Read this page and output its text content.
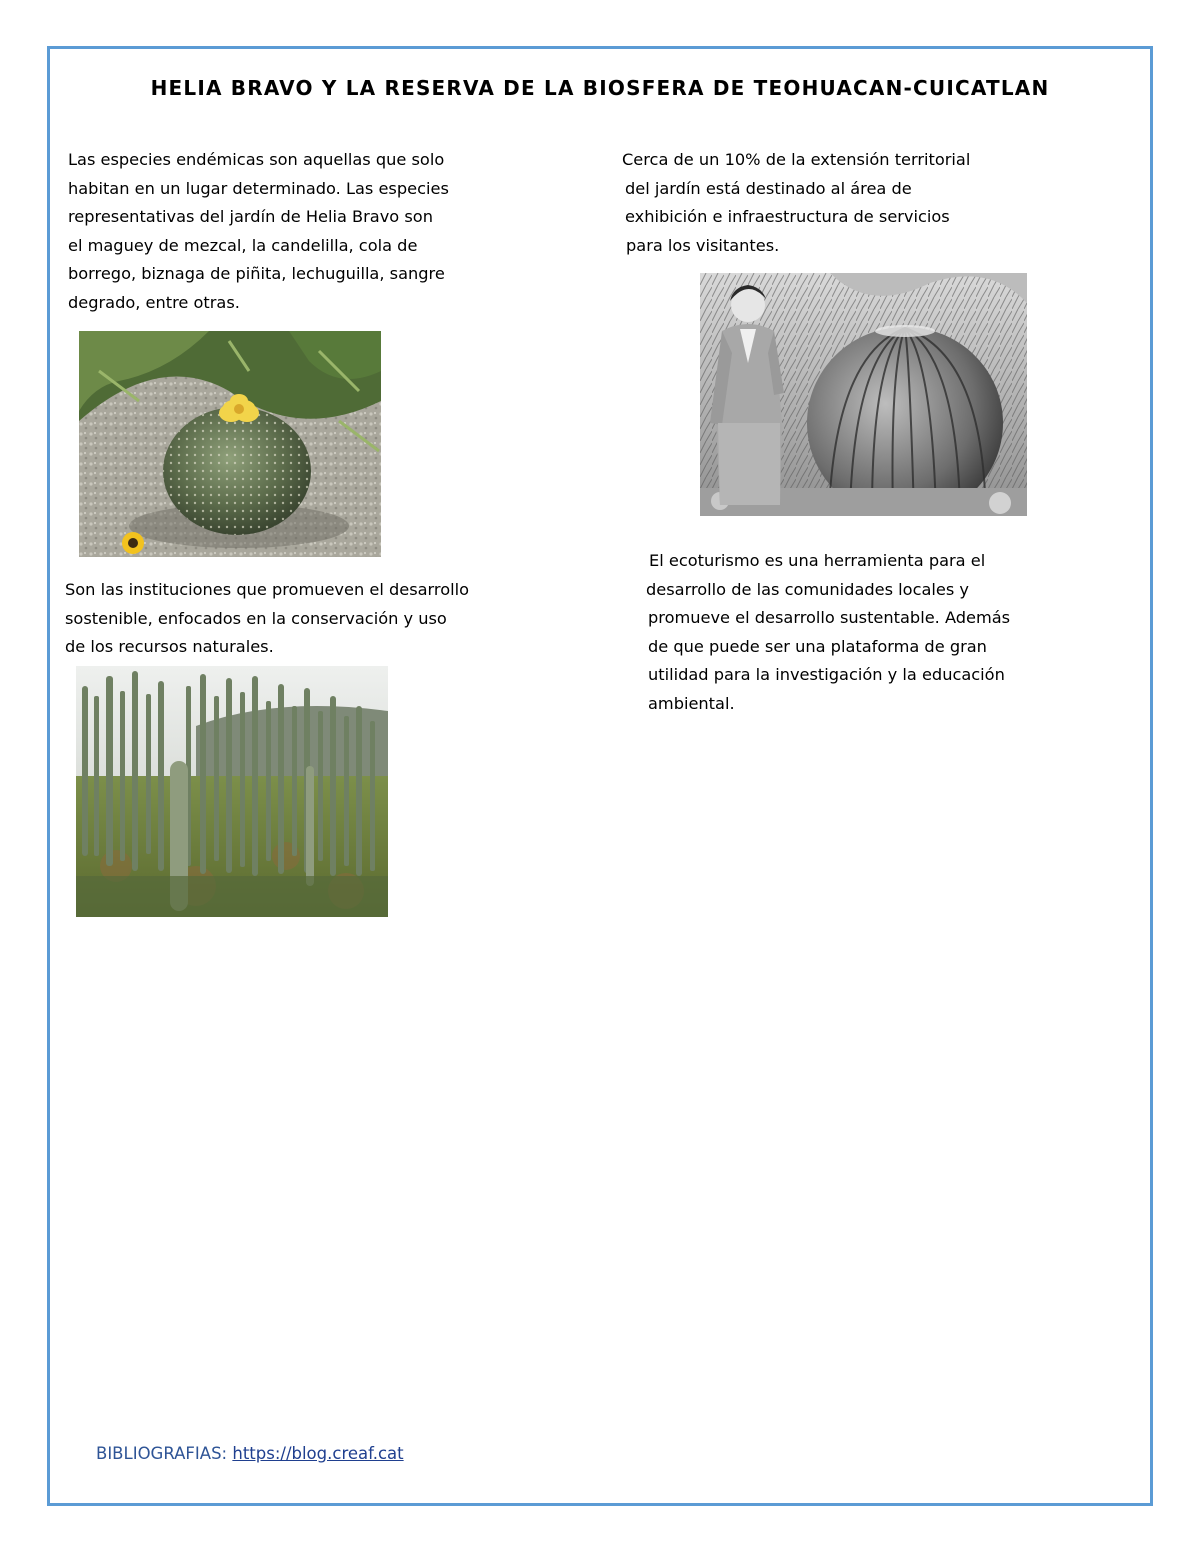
HELIA BRAVO Y LA RESERVA DE LA BIOSFERA DE TEOHUACAN-CUICATLAN
Las especies endémicas son aquellas que solo
habitan en un lugar determinado. Las especies
representativas del jardín de Helia Bravo son
el maguey de mezcal, la candelilla, cola de
borrego, biznaga de piñita, lechuguilla, sangre
degrado, entre otras.
Cerca de un 10% de la extensión territorial
del jardín está destinado al área de
exhibición e infraestructura de servicios
para los visitantes.
Son las instituciones que promueven el desarrollo
sostenible, enfocados en la conservación y uso
de los recursos naturales.
El ecoturismo es una herramienta para el
desarrollo de las comunidades locales y
promueve el desarrollo sustentable. Además
de que puede ser una plataforma de gran
utilidad para la investigación y la educación
ambiental.
BIBLIOGRAFIAS: https://blog.creaf.cat
